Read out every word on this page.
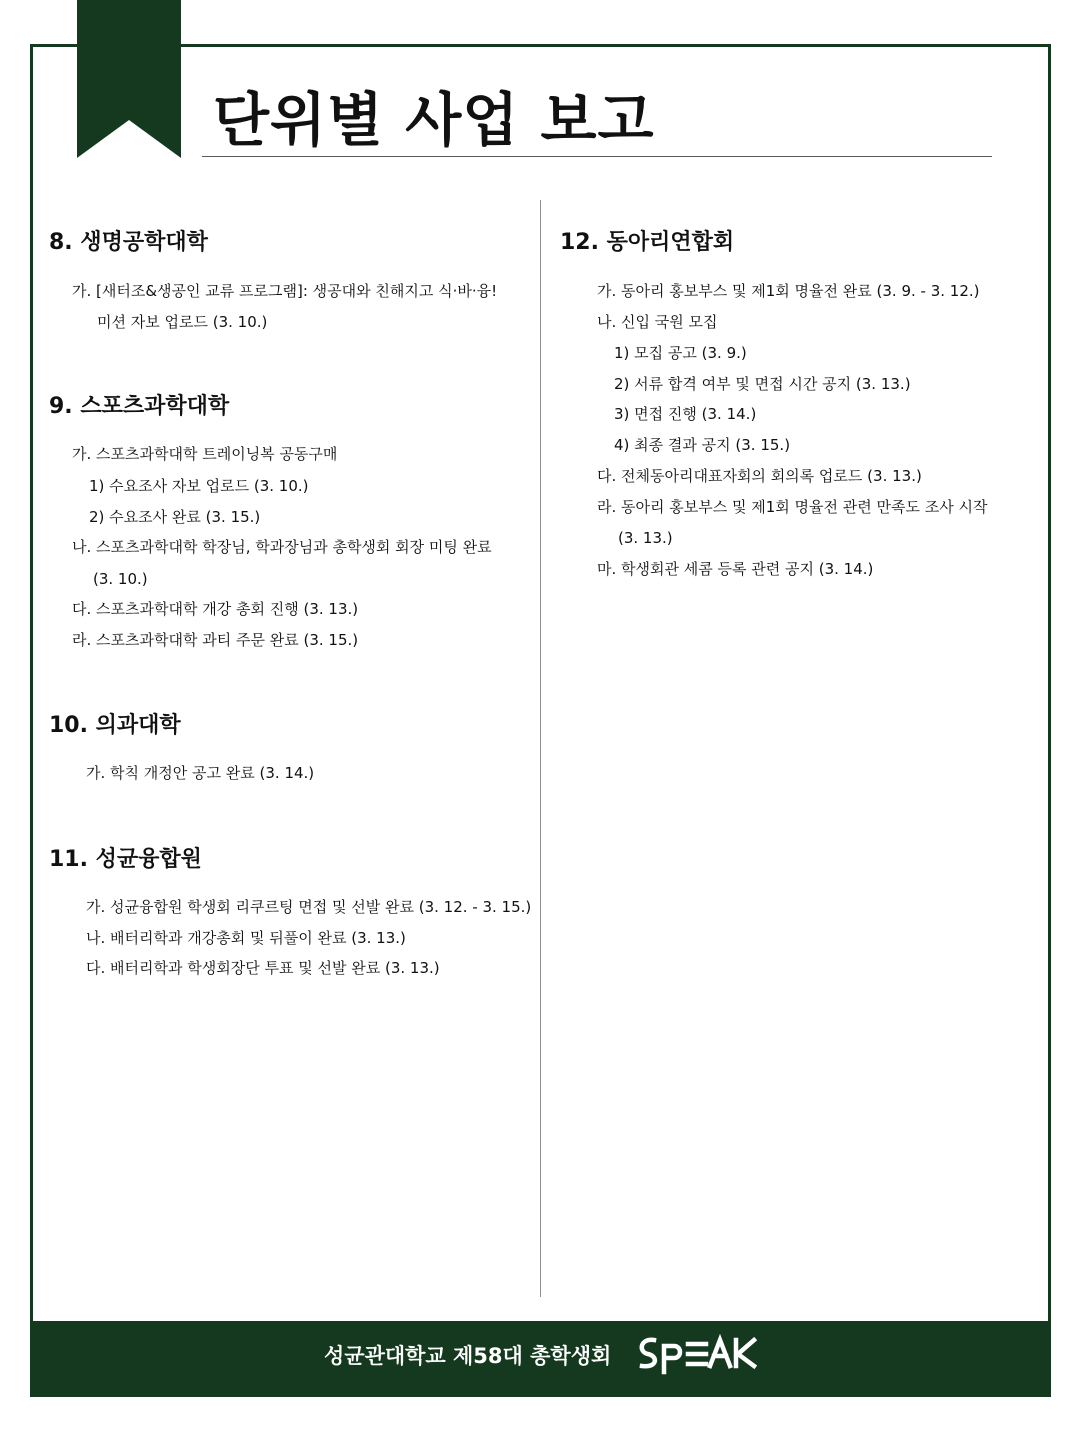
단위별 사업 보고
8. 생명공학대학
가. [새터조&생공인 교류 프로그램]: 생공대와 친해지고 식·바·융!
미션 자보 업로드 (3. 10.)
9. 스포츠과학대학
가. 스포츠과학대학 트레이닝복 공동구매
1) 수요조사 자보 업로드 (3. 10.)
2) 수요조사 완료 (3. 15.)
나. 스포츠과학대학 학장님, 학과장님과 총학생회 회장 미팅 완료
(3. 10.)
다. 스포츠과학대학 개강 총회 진행 (3. 13.)
라. 스포츠과학대학 과티 주문 완료 (3. 15.)
10. 의과대학
가. 학칙 개정안 공고 완료 (3. 14.)
11. 성균융합원
가. 성균융합원 학생회 리쿠르팅 면접 및 선발 완료 (3. 12. - 3. 15.)
나. 배터리학과 개강총회 및 뒤풀이 완료 (3. 13.)
다. 배터리학과 학생회장단 투표 및 선발 완료 (3. 13.)
12. 동아리연합회
가. 동아리 홍보부스 및 제1회 명율전 완료 (3. 9. - 3. 12.)
나. 신입 국원 모집
1) 모집 공고 (3. 9.)
2) 서류 합격 여부 및 면접 시간 공지 (3. 13.)
3) 면접 진행 (3. 14.)
4) 최종 결과 공지 (3. 15.)
다. 전체동아리대표자회의 회의록 업로드 (3. 13.)
라. 동아리 홍보부스 및 제1회 명율전 관련 만족도 조사 시작
(3. 13.)
마. 학생회관 세콤 등록 관련 공지 (3. 14.)
성균관대학교 제58대 총학생회
